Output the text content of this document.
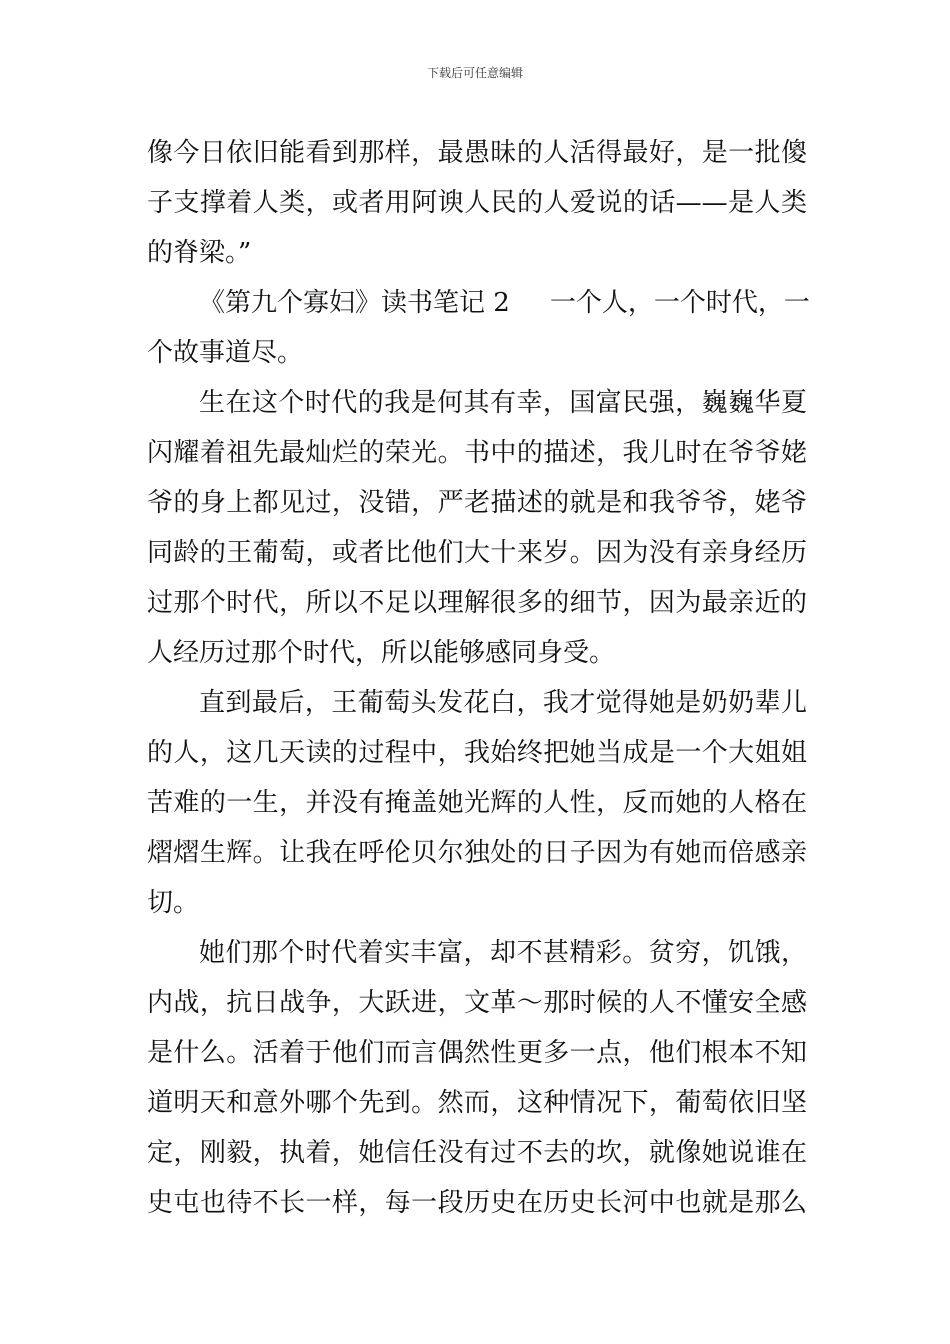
下载后可任意编辑
像今日依旧能看到那样，最愚昧的人活得最好，是一批傻
子支撑着人类，或者用阿谀人民的人爱说的话——是人类
的脊梁。”
《第九个寡妇》读书笔记 2 一个人，一个时代，一
个故事道尽。
生在这个时代的我是何其有幸，国富民强，巍巍华夏
闪耀着祖先最灿烂的荣光。书中的描述，我儿时在爷爷姥
爷的身上都见过，没错，严老描述的就是和我爷爷，姥爷
同龄的王葡萄，或者比他们大十来岁。因为没有亲身经历
过那个时代，所以不足以理解很多的细节，因为最亲近的
人经历过那个时代，所以能够感同身受。
直到最后，王葡萄头发花白，我才觉得她是奶奶辈儿
的人，这几天读的过程中，我始终把她当成是一个大姐姐
苦难的一生，并没有掩盖她光辉的人性，反而她的人格在
熠熠生辉。让我在呼伦贝尔独处的日子因为有她而倍感亲
切。
她们那个时代着实丰富，却不甚精彩。贫穷，饥饿，
内战，抗日战争，大跃进，文革～那时候的人不懂安全感
是什么。活着于他们而言偶然性更多一点，他们根本不知
道明天和意外哪个先到。然而，这种情况下，葡萄依旧坚
定，刚毅，执着，她信任没有过不去的坎，就像她说谁在
史屯也待不长一样，每一段历史在历史长河中也就是那么
